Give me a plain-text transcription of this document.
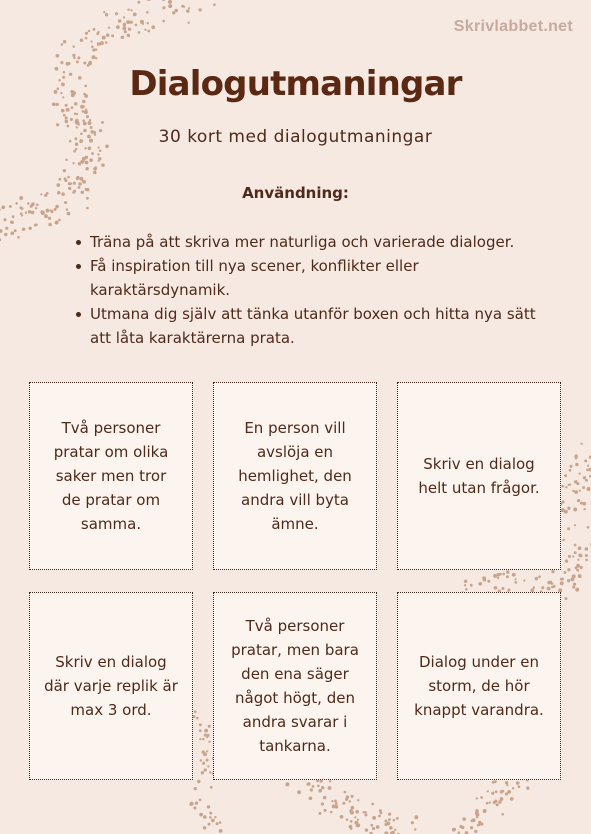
Skrivlabbet.net
Dialogutmaningar
30 kort med dialogutmaningar
Användning:
Träna på att skriva mer naturliga och varierade dialoger.
Få inspiration till nya scener, konflikter eller karaktärsdynamik.
Utmana dig själv att tänka utanför boxen och hitta nya sätt att låta karaktärerna prata.
Två personer pratar om olika saker men tror de pratar om samma.
En person vill avslöja en hemlighet, den andra vill byta ämne.
Skriv en dialog helt utan frågor.
Skriv en dialog där varje replik är max 3 ord.
Två personer pratar, men bara den ena säger något högt, den andra svarar i tankarna.
Dialog under en storm, de hör knappt varandra.
